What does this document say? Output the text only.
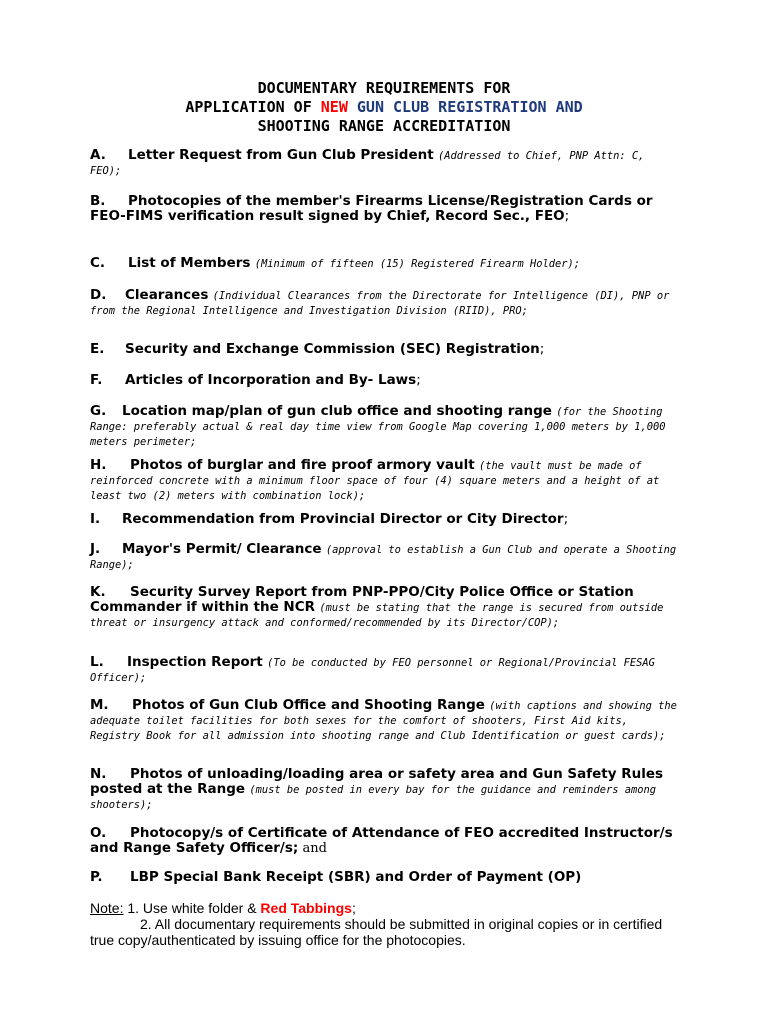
DOCUMENTARY REQUIREMENTS FOR
APPLICATION OF NEW GUN CLUB REGISTRATION AND
SHOOTING RANGE ACCREDITATION
A. Letter Request from Gun Club President (Addressed to Chief, PNP Attn: C, FEO);
B. Photocopies of the member's Firearms License/Registration Cards or FEO-FIMS verification result signed by Chief, Record Sec., FEO;
C. List of Members (Minimum of fifteen (15) Registered Firearm Holder);
D. Clearances (Individual Clearances from the Directorate for Intelligence (DI), PNP or from the Regional Intelligence and Investigation Division (RIID), PRO;
E. Security and Exchange Commission (SEC) Registration;
F. Articles of Incorporation and By- Laws;
G. Location map/plan of gun club office and shooting range (for the Shooting Range: preferably actual & real day time view from Google Map covering 1,000 meters by 1,000 meters perimeter;
H. Photos of burglar and fire proof armory vault (the vault must be made of reinforced concrete with a minimum floor space of four (4) square meters and a height of at least two (2) meters with combination lock);
I. Recommendation from Provincial Director or City Director;
J. Mayor's Permit/ Clearance (approval to establish a Gun Club and operate a Shooting Range);
K. Security Survey Report from PNP-PPO/City Police Office or Station Commander if within the NCR (must be stating that the range is secured from outside threat or insurgency attack and conformed/recommended by its Director/COP);
L. Inspection Report (To be conducted by FEO personnel or Regional/Provincial FESAG Officer);
M. Photos of Gun Club Office and Shooting Range (with captions and showing the adequate toilet facilities for both sexes for the comfort of shooters, First Aid kits, Registry Book for all admission into shooting range and Club Identification or guest cards);
N. Photos of unloading/loading area or safety area and Gun Safety Rules posted at the Range (must be posted in every bay for the guidance and reminders among shooters);
O. Photocopy/s of Certificate of Attendance of FEO accredited Instructor/s and Range Safety Officer/s; and
P. LBP Special Bank Receipt (SBR) and Order of Payment (OP)
Note: 1. Use white folder & Red Tabbings;
2. All documentary requirements should be submitted in original copies or in certified true copy/authenticated by issuing office for the photocopies.
